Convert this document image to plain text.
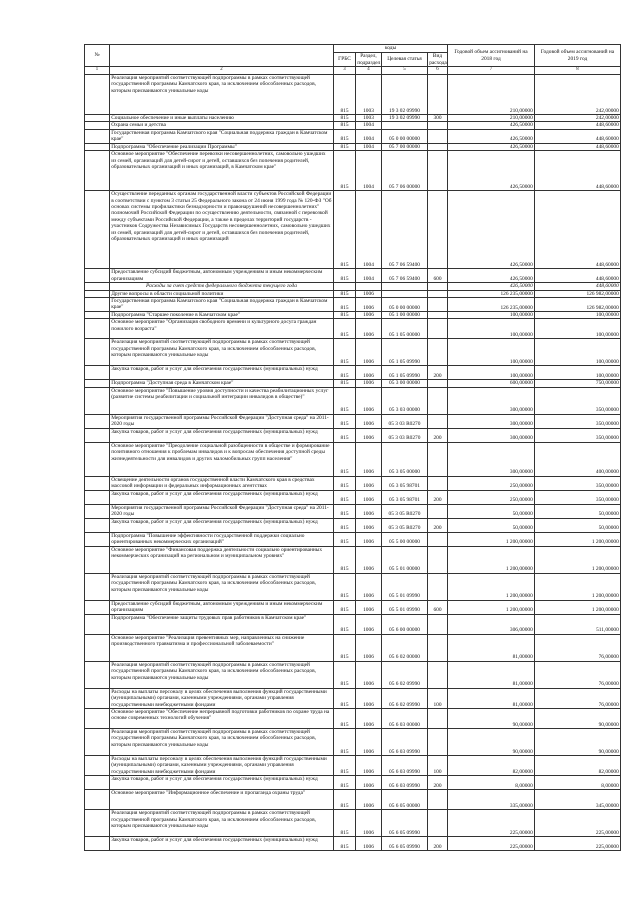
№		коды				Годовой объем ассигнований на 2018 год	Годовой объем ассигнований на 2019 год
		ГРБС	Раздел, подраздел	Целевая статья	Вид расхода		
1	2	3	4	5	6	7	8
	Реализация мероприятий соответствующей подпрограммы в рамках соответствующей государственной программы Камчатского края, за исключением обособленных расходов, которым присваиваются уникальные коды	815	1003	19 3 02 09990		210,00000	242,00000
	Социальное обеспечение и иные выплаты населению	815	1003	19 3 02 09990	300	210,00000	242,00000
	Охрана семьи и детства	815	1004			426,50000	448,60000
	Государственная программа Камчатского края "Социальная поддержка граждан в Камчатском крае"	815	1004	05 0 00 00000		426,50000	448,60000
	Подпрограмма "Обеспечение реализации Программы"	815	1004	05 7 00 00000		426,50000	448,60000
	Основное мероприятие "Обеспечение перевозки несовершеннолетних, самовольно ушедших из семей, организаций для детей-сирот и детей, оставшихся без попечения родителей, образовательных организаций и иных организаций, в Камчатском крае"	815	1004	05 7 06 00000		426,50000	448,60000
	Осуществление переданных органам государственной власти субъектов Российской Федерации в соответствии с пунктом 3 статьи 25 Федерального закона от 24 июня 1999 года № 120-ФЗ "Об основах системы профилактики безнадзорности и правонарушений несовершеннолетних" полномочий Российской Федерации по осуществлению деятельности, связанной с перевозкой между субъектами Российской Федерации, а также в пределах территорий государств - участников Содружества Независимых Государств несовершеннолетних, самовольно ушедших из семей, организаций для детей-сирот и детей, оставшихся без попечения родителей, образовательных организаций и иных организаций	815	1004	05 7 06 59400		426,50000	448,60000
	Предоставление субсидий бюджетным, автономным учреждениям и иным некоммерческим организациям	815	1004	05 7 06 59400	600	426,50000	448,60000
	Расходы за счет средств федерального бюджета текущего года					426,50000	448,60000
	Другие вопросы в области социальной политики	815	1006			126 235,00000	126 982,00000
	Государственная программа Камчатского края "Социальная поддержка граждан в Камчатском крае"	815	1006	05 0 00 00000		126 235,00000	126 982,00000
	Подпрограмма "Старшее поколение в Камчатском крае"	815	1006	05 1 00 00000		100,00000	100,00000
	Основное мероприятие "Организация свободного времени и культурного досуга граждан пожилого возраста"	815	1006	05 1 05 00000		100,00000	100,00000
	Реализация мероприятий соответствующей подпрограммы в рамках соответствующей государственной программы Камчатского края, за исключением обособленных расходов, которым присваиваются уникальные коды	815	1006	05 1 05 09990		100,00000	100,00000
	Закупка товаров, работ и услуг для обеспечения государственных (муниципальных) нужд	815	1006	05 1 05 09990	200	100,00000	100,00000
	Подпрограмма "Доступная среда в Камчатском крае"	815	1006	05 3 00 00000		600,00000	750,00000
	Основное мероприятие "Повышение уровня доступности и качества реабилитационных услуг (развитие системы реабилитации и социальной интеграции инвалидов в обществе)"	815	1006	05 3 03 00000		300,00000	350,00000
	Мероприятия государственной программы Российской Федерации "Доступная среда" на 2011-2020 годы	815	1006	05 3 03 R0270		300,00000	350,00000
	Закупка товаров, работ и услуг для обеспечения государственных (муниципальных) нужд	815	1006	05 3 03 R0270	200	300,00000	350,00000
	Основное мероприятие "Преодоление социальной разобщенности в обществе и формирование позитивного отношения к проблемам инвалидов и к вопросам обеспечения доступной среды жизнедеятельности для инвалидов и других маломобильных групп населения"	815	1006	05 3 05 00000		300,00000	400,00000
	Освещение деятельности органов государственной власти Камчатского края в средствах массовой информации и федеральных информационных агентствах	815	1006	05 3 05 98701		250,00000	350,00000
	Закупка товаров, работ и услуг для обеспечения государственных (муниципальных) нужд	815	1006	05 3 05 98701	200	250,00000	350,00000
	Мероприятия государственной программы Российской Федерации "Доступная среда" на 2011-2020 годы	815	1006	05 3 05 R0270		50,00000	50,00000
	Закупка товаров, работ и услуг для обеспечения государственных (муниципальных) нужд	815	1006	05 3 05 R0270	200	50,00000	50,00000
	Подпрограмма "Повышение эффективности государственной поддержки социально ориентированных некоммерческих организаций"	815	1006	05 5 00 00000		1 200,00000	1 200,00000
	Основное мероприятие "Финансовая поддержка деятельности социально ориентированных некоммерческих организаций на региональном и муниципальном уровнях"	815	1006	05 5 01 00000		1 200,00000	1 200,00000
	Реализация мероприятий соответствующей подпрограммы в рамках соответствующей государственной программы Камчатского края, за исключением обособленных расходов, которым присваиваются уникальные коды	815	1006	05 5 01 09990		1 200,00000	1 200,00000
	Предоставление субсидий бюджетным, автономным учреждениям и иным некоммерческим организациям	815	1006	05 5 01 09990	600	1 200,00000	1 200,00000
	Подпрограмма "Обеспечение защиты трудовых прав работников в Камчатском крае"	815	1006	05 6 00 00000		306,00000	511,00000
	Основное мероприятие "Реализация превентивных мер, направленных на снижение производственного травматизма и профессиональной заболеваемости"	815	1006	05 6 02 00000		81,00000	76,00000
	Реализация мероприятий соответствующей подпрограммы в рамках соответствующей государственной программы Камчатского края, за исключением обособленных расходов, которым присваиваются уникальные коды	815	1006	05 6 02 09990		81,00000	76,00000
	Расходы на выплаты персоналу в целях обеспечения выполнения функций государственными (муниципальными) органами, казенными учреждениями, органами управления государственными внебюджетными фондами	815	1006	05 6 02 09990	100	81,00000	76,00000
	Основное мероприятие "Обеспечение непрерывной подготовки работников по охране труда на основе современных технологий обучения"	815	1006	05 6 03 00000		90,00000	90,00000
	Реализация мероприятий соответствующей подпрограммы в рамках соответствующей государственной программы Камчатского края, за исключением обособленных расходов, которым присваиваются уникальные коды	815	1006	05 6 03 09990		90,00000	90,00000
	Расходы на выплаты персоналу в целях обеспечения выполнения функций государственными (муниципальными) органами, казенными учреждениями, органами управления государственными внебюджетными фондами	815	1006	05 6 03 09990	100	82,00000	82,00000
	Закупка товаров, работ и услуг для обеспечения государственных (муниципальных) нужд	815	1006	05 6 03 09990	200	8,00000	8,00000
	Основное мероприятие "Информационное обеспечение и пропаганда охраны труда"	815	1006	05 6 05 00000		335,00000	345,00000
	Реализация мероприятий соответствующей подпрограммы в рамках соответствующей государственной программы Камчатского края, за исключением обособленных расходов, которым присваиваются уникальные коды	815	1006	05 6 05 09990		225,00000	225,00000
	Закупка товаров, работ и услуг для обеспечения государственных (муниципальных) нужд	815	1006	05 6 05 09990	200	225,00000	225,00000
